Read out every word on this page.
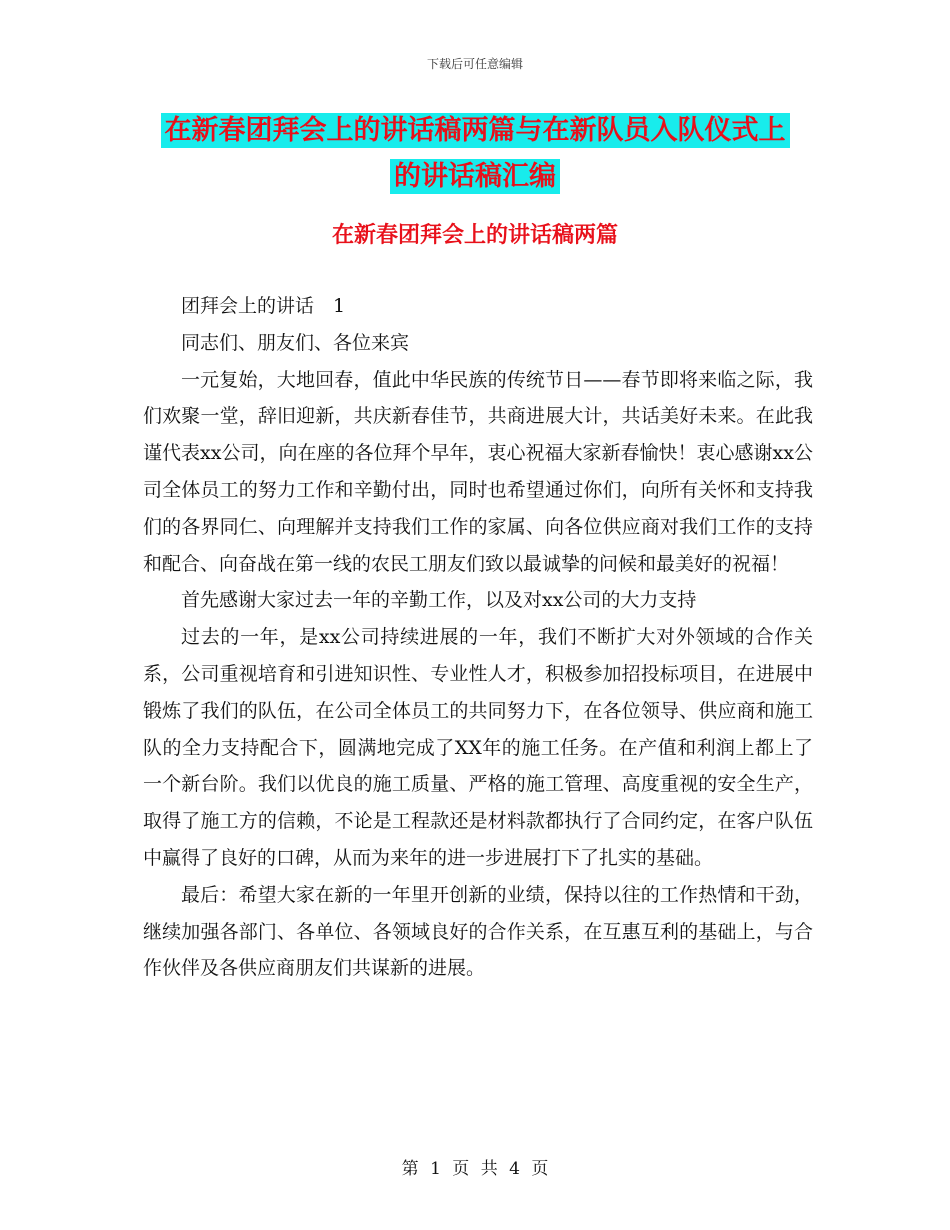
下载后可任意编辑
在新春团拜会上的讲话稿两篇与在新队员入队仪式上
的讲话稿汇编
在新春团拜会上的讲话稿两篇

团拜会上的讲话　1

同志们、朋友们、各位来宾

一元复始，大地回春，值此中华民族的传统节日——春节即将来临之际，我们欢聚一堂，辞旧迎新，共庆新春佳节，共商进展大计，共话美好未来。在此我谨代表xx公司，向在座的各位拜个早年，衷心祝福大家新春愉快！衷心感谢xx公司全体员工的努力工作和辛勤付出，同时也希望通过你们，向所有关怀和支持我们的各界同仁、向理解并支持我们工作的家属、向各位供应商对我们工作的支持和配合、向奋战在第一线的农民工朋友们致以最诚挚的问候和最美好的祝福！

首先感谢大家过去一年的辛勤工作，以及对xx公司的大力支持

过去的一年，是xx公司持续进展的一年，我们不断扩大对外领域的合作关系，公司重视培育和引进知识性、专业性人才，积极参加招投标项目，在进展中锻炼了我们的队伍，在公司全体员工的共同努力下，在各位领导、供应商和施工队的全力支持配合下，圆满地完成了XX年的施工任务。在产值和利润上都上了一个新台阶。我们以优良的施工质量、严格的施工管理、高度重视的安全生产，取得了施工方的信赖，不论是工程款还是材料款都执行了合同约定，在客户队伍中赢得了良好的口碑，从而为来年的进一步进展打下了扎实的基础。

最后：希望大家在新的一年里开创新的业绩，保持以往的工作热情和干劲，继续加强各部门、各单位、各领域良好的合作关系，在互惠互利的基础上，与合作伙伴及各供应商朋友们共谋新的进展。

第 1 页 共 4 页
